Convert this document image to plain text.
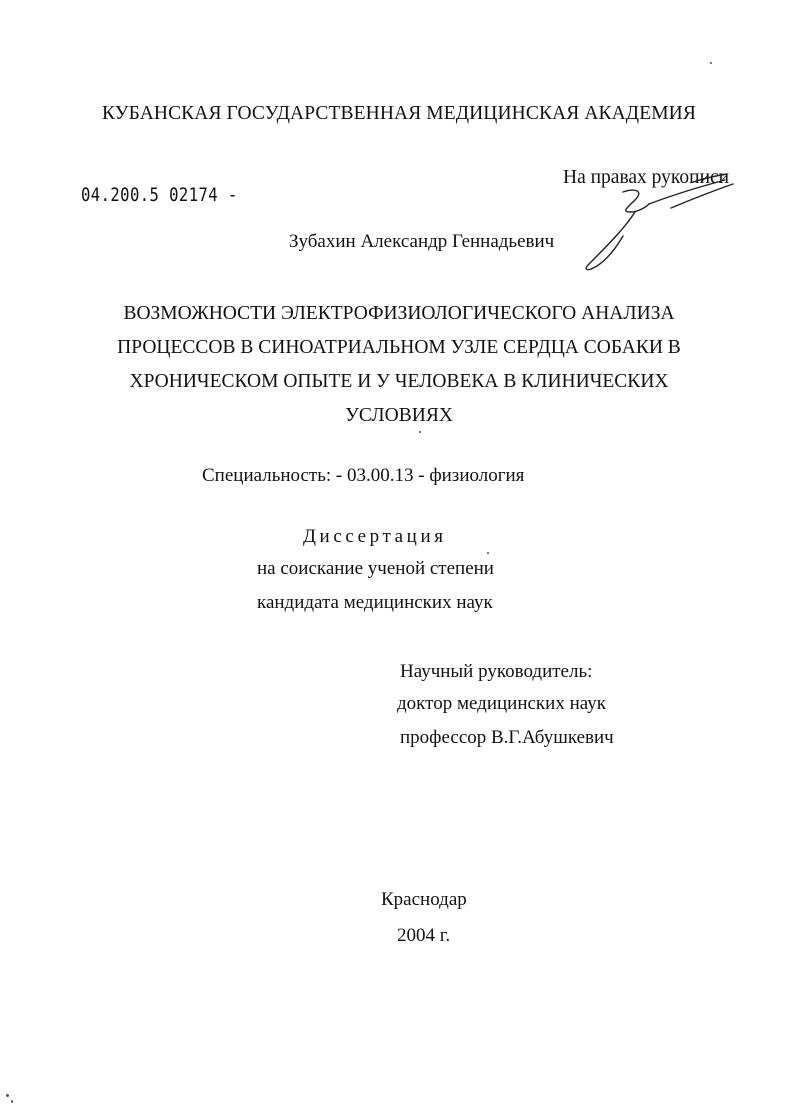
КУБАНСКАЯ ГОСУДАРСТВЕННАЯ МЕДИЦИНСКАЯ АКАДЕМИЯ
04.200.5 02174 -
На правах рукописи
Зубахин Александр Геннадьевич
ВОЗМОЖНОСТИ ЭЛЕКТРОФИЗИОЛОГИЧЕСКОГО АНАЛИЗА
ПРОЦЕССОВ В СИНОАТРИАЛЬНОМ УЗЛЕ СЕРДЦА СОБАКИ В
ХРОНИЧЕСКОМ ОПЫТЕ И У ЧЕЛОВЕКА В КЛИНИЧЕСКИХ
УСЛОВИЯХ
Специальность: - 03.00.13 - физиология
Диссертация
на соискание ученой степени
кандидата медицинских наук
Научный руководитель:
доктор медицинских наук
профессор В.Г.Абушкевич
Краснодар
2004 г.
